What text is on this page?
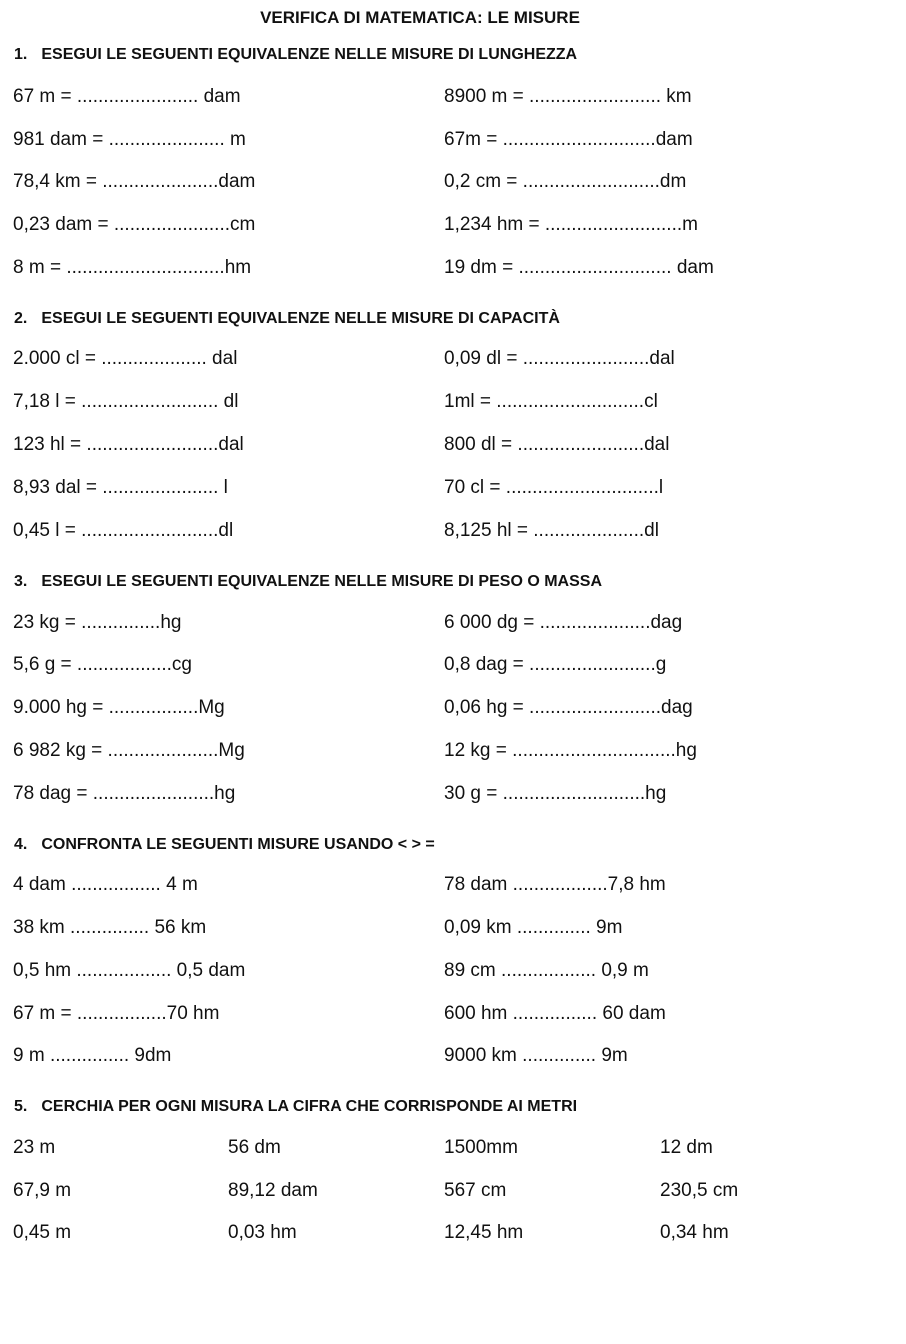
VERIFICA DI MATEMATICA: LE MISURE
1. ESEGUI LE SEGUENTI EQUIVALENZE NELLE MISURE DI LUNGHEZZA
67 m = ....................... dam	8900 m = ......................... km
981 dam = ...................... m	67m = .............................dam
78,4 km = ......................dam	0,2 cm = ..........................dm
0,23 dam = ......................cm	1,234 hm = ..........................m
8 m = ..............................hm	19 dm = ............................. dam
2. ESEGUI LE SEGUENTI EQUIVALENZE NELLE MISURE DI CAPACITÀ
2.000 cl = .................... dal	0,09 dl = ........................dal
7,18 l = .......................... dl	1ml = ............................cl
123 hl = .........................dal	800 dl = ........................dal
8,93 dal = ...................... l	70 cl = .............................l
0,45 l = ..........................dl	8,125 hl = .....................dl
3. ESEGUI LE SEGUENTI EQUIVALENZE NELLE MISURE DI PESO O MASSA
23 kg = ...............hg	6 000 dg = .....................dag
5,6 g = ..................cg	0,8 dag = ........................g
9.000 hg = .................Mg	0,06 hg = .........................dag
6 982 kg = .....................Mg	12 kg = ...............................hg
78 dag = .......................hg	30 g = ...........................hg
4. CONFRONTA LE SEGUENTI MISURE USANDO < > =
4 dam ................. 4 m	78 dam ..................7,8 hm
38 km ............... 56 km	0,09 km .............. 9m
0,5 hm .................. 0,5 dam	89 cm .................. 0,9 m
67 m = .................70 hm	600 hm ................ 60 dam
9 m ............... 9dm	9000 km .............. 9m
5. CERCHIA PER OGNI MISURA LA CIFRA CHE CORRISPONDE AI METRI
23 m	56 dm	1500mm	12 dm
67,9 m	89,12 dam	567 cm	230,5 cm
0,45 m	0,03 hm	12,45 hm	0,34 hm
